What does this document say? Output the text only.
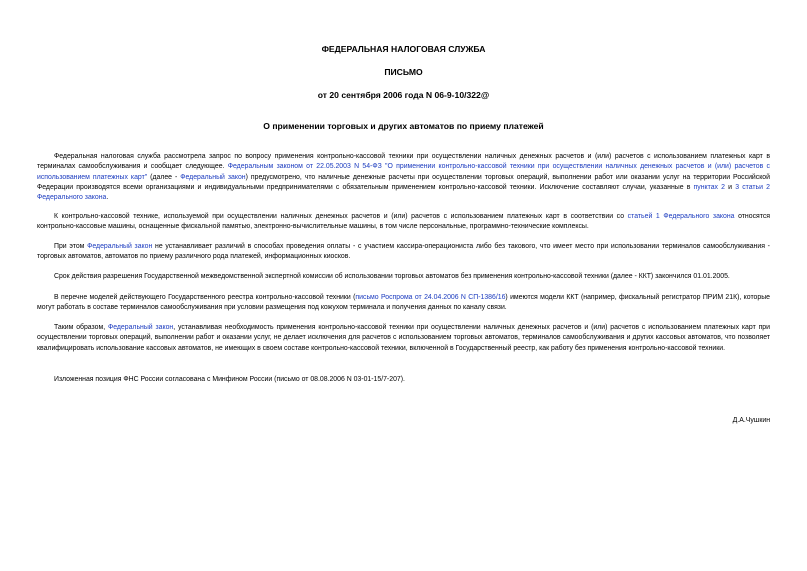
ФЕДЕРАЛЬНАЯ НАЛОГОВАЯ СЛУЖБА
ПИСЬМО
от 20 сентября 2006 года N 06-9-10/322@
О применении торговых и других автоматов по приему платежей

Федеральная налоговая служба рассмотрела запрос по вопросу применения контрольно-кассовой техники при осуществлении наличных денежных расчетов и (или) расчетов с использованием платежных карт в терминалах самообслуживания и сообщает следующее. Федеральным законом от 22.05.2003 N 54-ФЗ "О применении контрольно-кассовой техники при осуществлении наличных денежных расчетов и (или) расчетов с использованием платежных карт" (далее - Федеральный закон) предусмотрено, что наличные денежные расчеты при осуществлении торговых операций, выполнении работ или оказании услуг на территории Российской Федерации производятся всеми организациями и индивидуальными предпринимателями с обязательным применением контрольно-кассовой техники. Исключение составляют случаи, указанные в пунктах 2 и 3 статьи 2 Федерального закона.

К контрольно-кассовой технике, используемой при осуществлении наличных денежных расчетов и (или) расчетов с использованием платежных карт в соответствии со статьей 1 Федерального закона относятся контрольно-кассовые машины, оснащенные фискальной памятью, электронно-вычислительные машины, в том числе персональные, программно-технические комплексы.

При этом Федеральный закон не устанавливает различий в способах проведения оплаты - с участием кассира-операциониста либо без такового, что имеет место при использовании терминалов самообслуживания - торговых автоматов, автоматов по приему различного рода платежей, информационных киосков.

Срок действия разрешения Государственной межведомственной экспертной комиссии об использовании торговых автоматов без применения контрольно-кассовой техники (далее - ККТ) закончился 01.01.2005.

В перечне моделей действующего Государственного реестра контрольно-кассовой техники (письмо Роспрома от 24.04.2006 N СП-1386/16) имеются модели ККТ (например, фискальный регистратор ПРИМ 21К), которые могут работать в составе терминалов самообслуживания при условии размещения под кожухом терминала и получения данных по каналу связи.

Таким образом, Федеральный закон, устанавливая необходимость применения контрольно-кассовой техники при осуществлении наличных денежных расчетов и (или) расчетов с использованием платежных карт при осуществлении торговых операций, выполнении работ и оказании услуг, не делает исключения для расчетов с использованием торговых автоматов, терминалов самообслуживания и других кассовых автоматов, что позволяет квалифицировать использование кассовых автоматов, не имеющих в своем составе контрольно-кассовой техники, включенной в Государственный реестр, как работу без применения контрольно-кассовой техники.

Изложенная позиция ФНС России согласована с Минфином России (письмо от 08.08.2006 N 03-01-15/7-207).

Д.А.Чушкин
